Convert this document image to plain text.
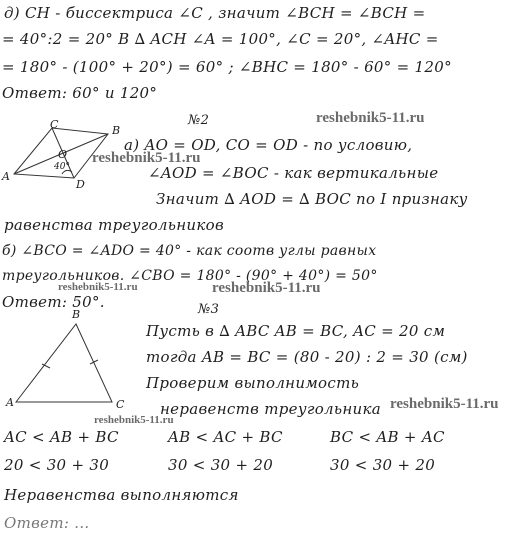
д) CH - биссектриса ∠C , значит ∠BCH = ∠BCH =
= 40°:2 = 20° В ∆ ACH ∠A = 100°, ∠C = 20°, ∠AHC =
= 180° - (100° + 20°) = 60° ; ∠BHC = 180° - 60° = 120°
Ответ: 60° и 120°
reshebnik5-11.ru
№2
C	B
A
D
O
40°
а) AO = OD, CO = OD - по условию,
reshebnik5-11.ru
∠AOD = ∠BOC - как вертикальные
Значит ∆ AOD = ∆ BOC по I признаку
равенства треугольников
б) ∠BCO = ∠ADO = 40° - как соотв углы равных
треугольников. ∠CBO = 180° - (90° + 40°) = 50°
reshebnik5-11.ru	reshebnik5-11.ru
Ответ: 50°.	№3
B
A	C
Пусть в ∆ ABC AB = BC, AC = 20 см
тогда AB = BC = (80 - 20) : 2 = 30 (см)
Проверим выполнимость
reshebnik5-11.ru
неравенств треугольника
reshebnik5-11.ru
AC < AB + BC	AB < AC + BC	BC < AB + AC
20 < 30 + 30	30 < 30 + 20	30 < 30 + 20
Неравенства выполняются
Ответ: ...
